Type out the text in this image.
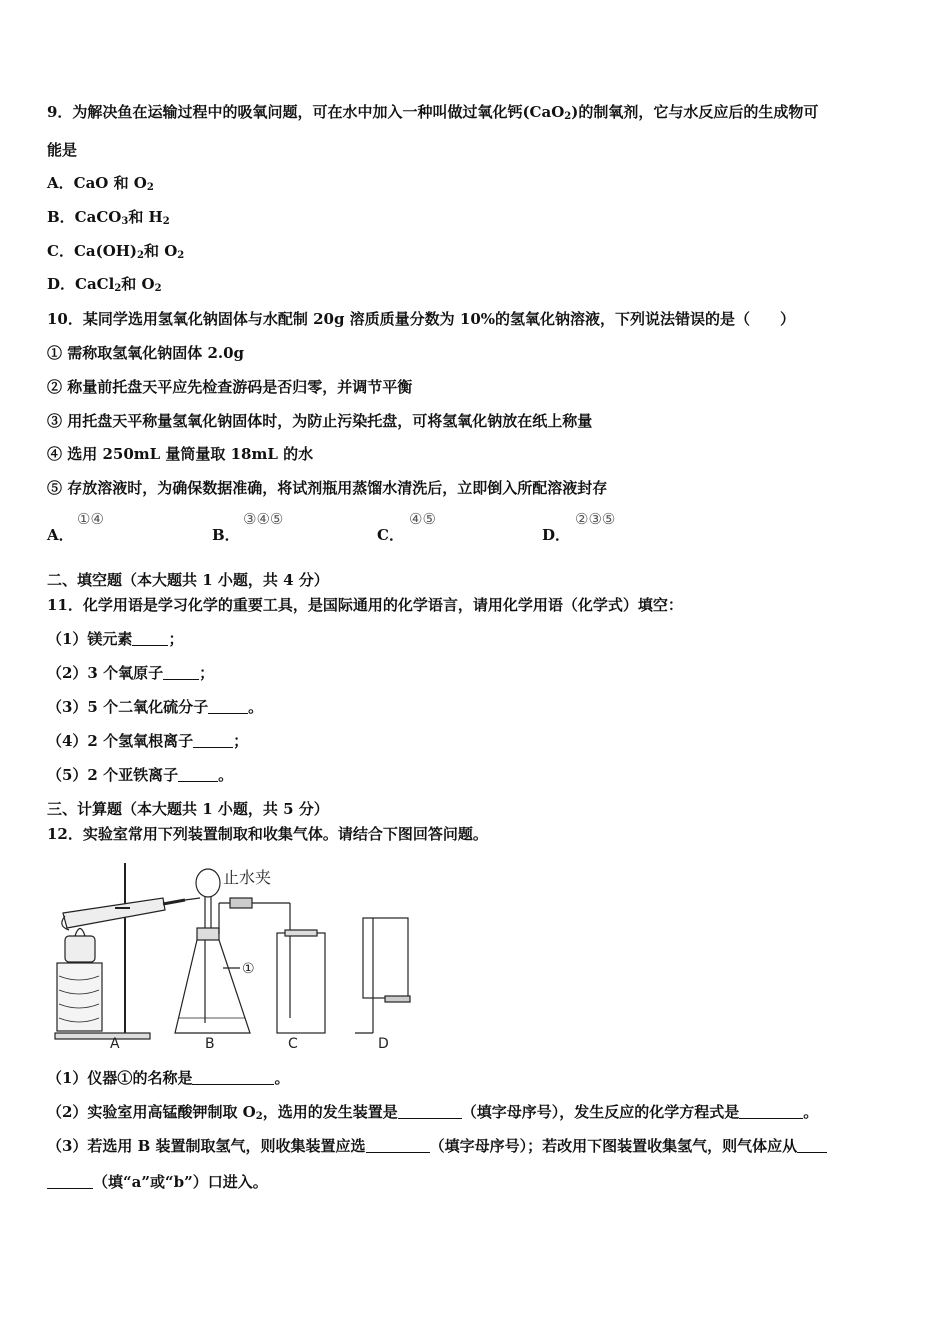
9．为解决鱼在运输过程中的吸氧问题，可在水中加入一种叫做过氧化钙(CaO$_2$)的制氧剂，它与水反应后的生成物可
能是
A．CaO 和 $O_2$
B．CaCO$_3$和 $H_2$
C．$Ca(OH)_2$和 $O_2$
D．CaCl$_2$和 $O_2$
10．某同学选用氢氧化钠固体与水配制 20g 溶质质量分数为 10%的氢氧化钠溶液，下列说法错误的是（　　）
① 需称取氢氧化钠固体 2.0g
② 称量前托盘天平应先检查游码是否归零，并调节平衡
③ 用托盘天平称量氢氧化钠固体时，为防止污染托盘，可将氢氧化钠放在纸上称量
④ 选用 250mL 量筒量取 18mL 的水
⑤ 存放溶液时，为确保数据准确，将试剂瓶用蒸馏水清洗后，立即倒入所配溶液封存
A．
①④
B．
③④⑤
C．
④⑤
D．
②③⑤
二、填空题（本大题共 1 小题，共 4 分）
11．化学用语是学习化学的重要工具，是国际通用的化学语言，请用化学用语（化学式）填空：
（1）镁元素 ；
（2）3 个氧原子 ；
（3）5 个二氧化硫分子	。
（4）2 个氢氧根离子	；
（5）2 个亚铁离子	。
三、计算题（本大题共 1 小题，共 5 分）
12．实验室常用下列装置制取和收集气体。请结合下图回答问题。
止水夹
①
A	B	C	D
（1）仪器①的名称是	。
（2）实验室用高锰酸钾制取 $O_2$，选用的发生装置是	（填字母序号），发生反应的化学方程式是	。
（3）若选用 B 装置制取氢气，则收集装置应选	（填字母序号）；若改用下图装置收集氢气，则气体应从
（填“a”或“b”）口进入。
